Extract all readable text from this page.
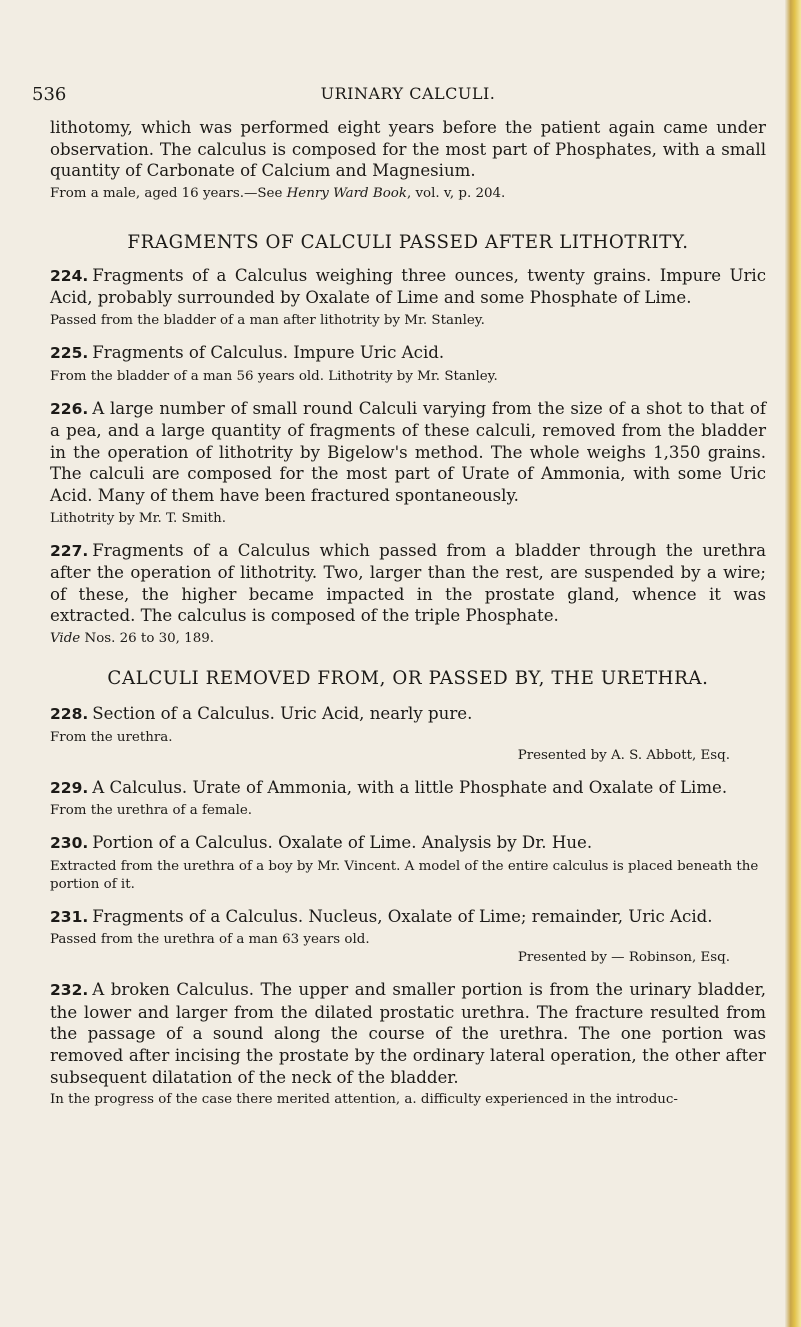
536	URINARY CALCULI.

lithotomy, which was performed eight years before the patient again came under observation. The calculus is composed for the most part of Phosphates, with a small quantity of Carbonate of Calcium and Magnesium.

From a male, aged 16 years.—See Henry Ward Book, vol. v, p. 204.

FRAGMENTS OF CALCULI PASSED AFTER LITHOTRITY.

224. Fragments of a Calculus weighing three ounces, twenty grains. Impure Uric Acid, probably surrounded by Oxalate of Lime and some Phosphate of Lime.

Passed from the bladder of a man after lithotrity by Mr. Stanley.

225. Fragments of Calculus. Impure Uric Acid.

From the bladder of a man 56 years old. Lithotrity by Mr. Stanley.

226. A large number of small round Calculi varying from the size of a shot to that of a pea, and a large quantity of fragments of these calculi, removed from the bladder in the operation of lithotrity by Bigelow's method. The whole weighs 1,350 grains. The calculi are composed for the most part of Urate of Ammonia, with some Uric Acid. Many of them have been fractured spontaneously.

Lithotrity by Mr. T. Smith.

227. Fragments of a Calculus which passed from a bladder through the urethra after the operation of lithotrity. Two, larger than the rest, are suspended by a wire; of these, the higher became impacted in the prostate gland, whence it was extracted. The calculus is composed of the triple Phosphate.

Vide Nos. 26 to 30, 189.

CALCULI REMOVED FROM, OR PASSED BY, THE URETHRA.

228. Section of a Calculus. Uric Acid, nearly pure.

From the urethra.

Presented by A. S. Abbott, Esq.

229. A Calculus. Urate of Ammonia, with a little Phosphate and Oxalate of Lime.

From the urethra of a female.

230. Portion of a Calculus. Oxalate of Lime. Analysis by Dr. Hue.

Extracted from the urethra of a boy by Mr. Vincent. A model of the entire calculus is placed beneath the portion of it.

231. Fragments of a Calculus. Nucleus, Oxalate of Lime; remainder, Uric Acid.

Passed from the urethra of a man 63 years old.

Presented by — Robinson, Esq.

232. A broken Calculus. The upper and smaller portion is from the urinary bladder, the lower and larger from the dilated prostatic urethra. The fracture resulted from the passage of a sound along the course of the urethra. The one portion was removed after incising the prostate by the ordinary lateral operation, the other after subsequent dilatation of the neck of the bladder.

In the progress of the case there merited attention, a. difficulty experienced in the introduc-
